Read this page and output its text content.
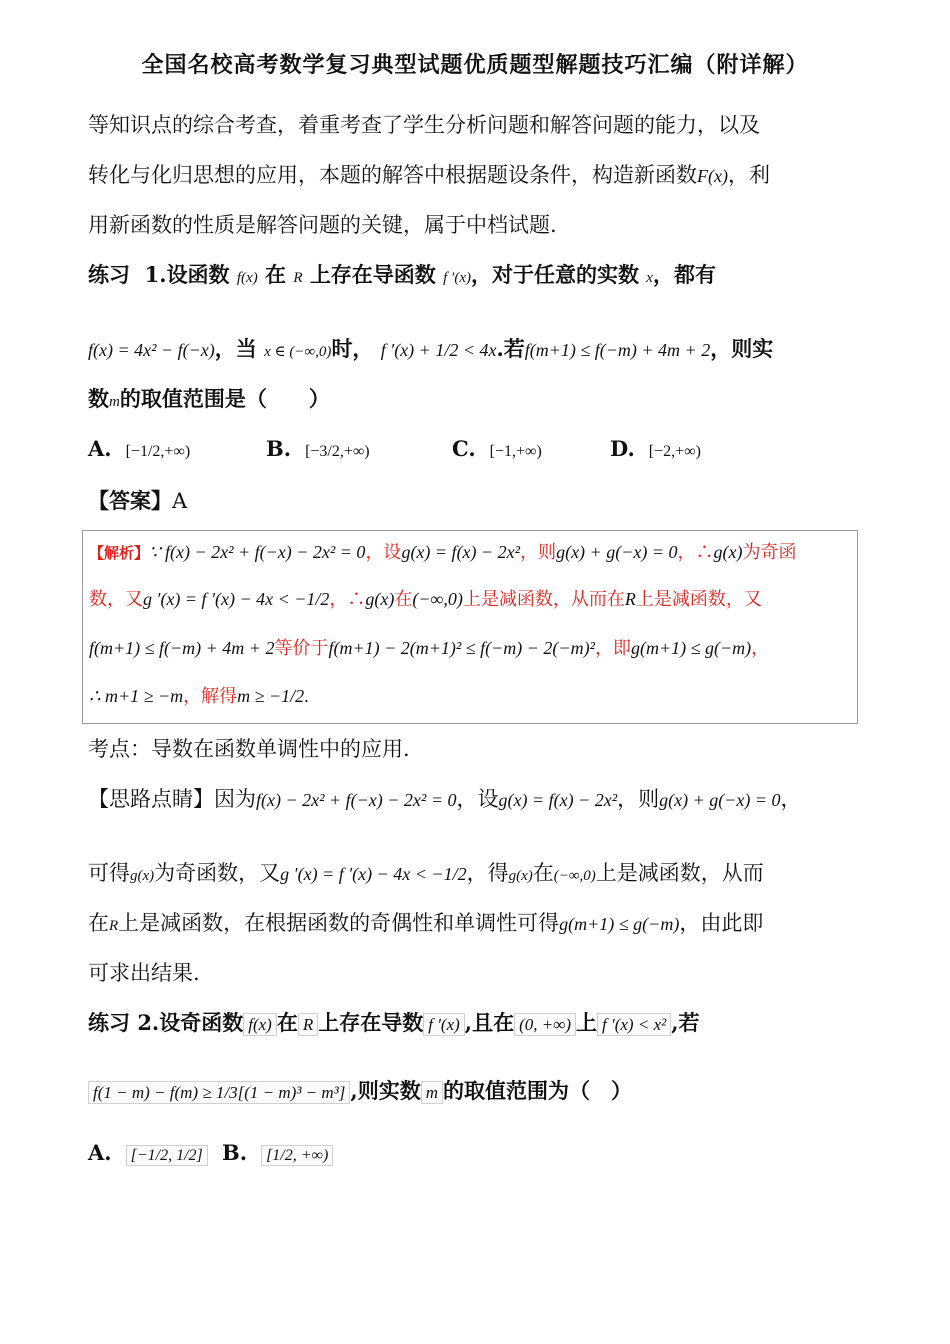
全国名校高考数学复习典型试题优质题型解题技巧汇编（附详解）
等知识点的综合考查，着重考查了学生分析问题和解答问题的能力，以及
转化与化归思想的应用，本题的解答中根据题设条件，构造新函数F(x)，利
用新函数的性质是解答问题的关键，属于中档试题.
练习 1.设函数 f(x) 在 R 上存在导函数 f ′(x)，对于任意的实数 x，都有
f(x) = 4x² − f(−x)，当 x ∈ (−∞,0)时， f ′(x) + 1/2 < 4x.若f(m+1) ≤ f(−m) + 4m + 2，则实
数m的取值范围是（　　）
A. [−1/2,+∞)	B. [−3/2,+∞)	C. [−1,+∞)	D. [−2,+∞)
【答案】A
【解析】∵ f(x) − 2x² + f(−x) − 2x² = 0，设g(x) = f(x) − 2x²，则g(x) + g(−x) = 0，∴g(x)为奇函
数，又g ′(x) = f ′(x) − 4x < −1/2，∴g(x)在(−∞,0)上是减函数，从而在R上是减函数，又
f(m+1) ≤ f(−m) + 4m + 2等价于f(m+1) − 2(m+1)² ≤ f(−m) − 2(−m)²，即g(m+1) ≤ g(−m)，
∴ m+1 ≥ −m，解得m ≥ −1/2.
考点：导数在函数单调性中的应用.
【思路点睛】因为f(x) − 2x² + f(−x) − 2x² = 0，设g(x) = f(x) − 2x²，则g(x) + g(−x) = 0，
可得g(x)为奇函数，又g ′(x) = f ′(x) − 4x < −1/2，得g(x)在(−∞,0)上是减函数，从而
在R上是减函数，在根据函数的奇偶性和单调性可得g(m+1) ≤ g(−m)，由此即
可求出结果.
练习 2.设奇函数 f(x) 在 R 上存在导数 f ′(x) ,且在 (0, +∞) 上 f ′(x) < x² ,若
f(1 − m) − f(m) ≥ 1/3[(1 − m)³ − m³] ,则实数 m 的取值范围为（　）
A. [−1/2, 1/2] B. [1/2, +∞)
